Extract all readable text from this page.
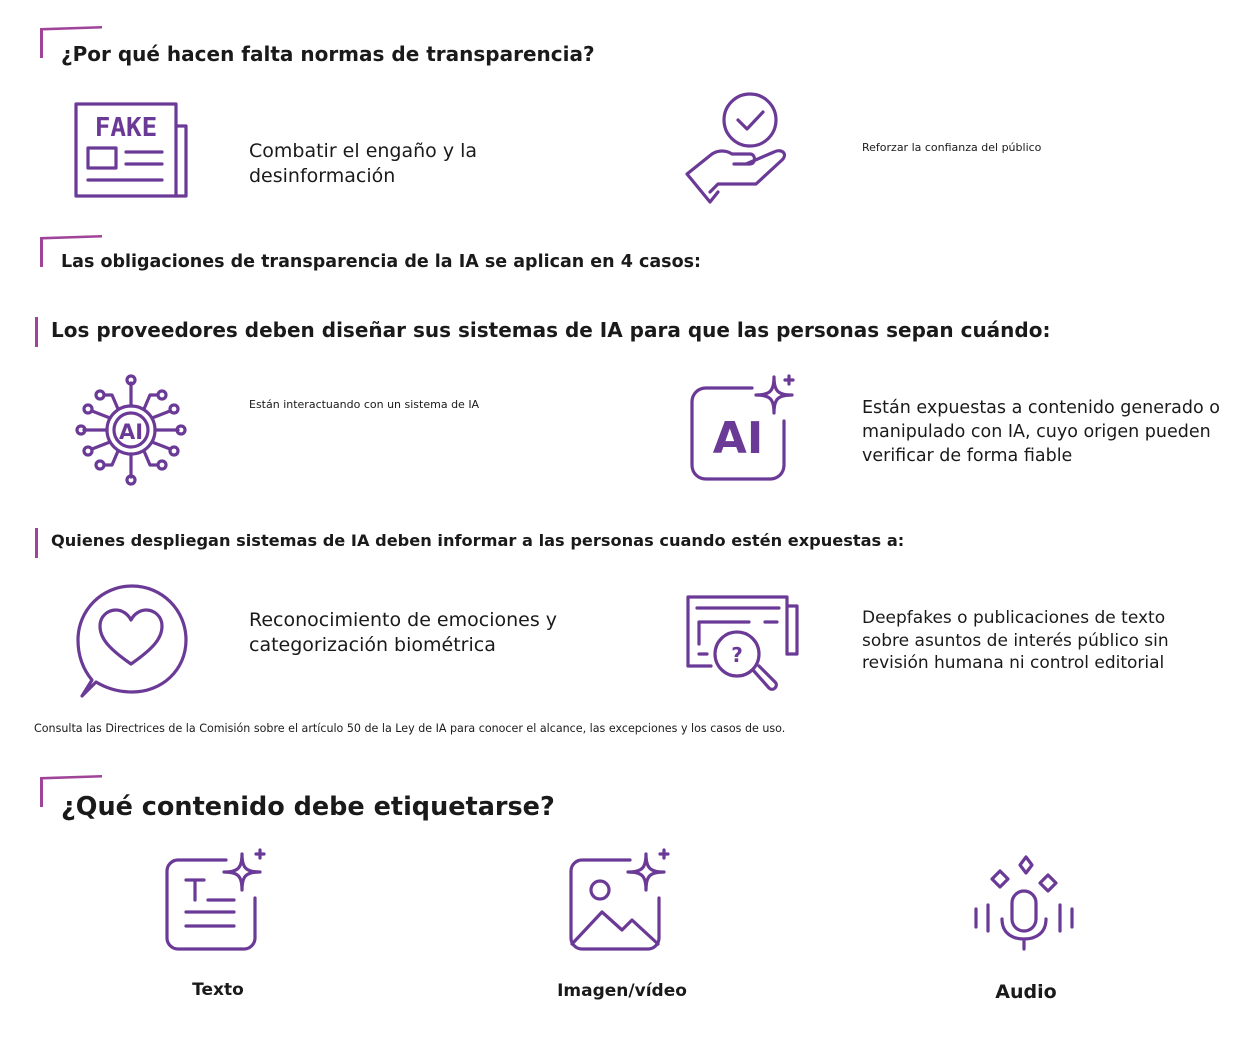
¿Por qué hacen falta normas de transparencia?
FAKE
Combatir el engaño y la desinformación
Reforzar la confianza del público
Las obligaciones de transparencia de la IA se aplican en 4 casos:
Los proveedores deben diseñar sus sistemas de IA para que las personas sepan cuándo:
AI
Están interactuando con un sistema de IA
AI
Están expuestas a contenido generado o manipulado con IA, cuyo origen pueden verificar de forma fiable
Quienes despliegan sistemas de IA deben informar a las personas cuando estén expuestas a:
Reconocimiento de emociones y categorización biométrica	?
Deepfakes o publicaciones de texto sobre asuntos de interés público sin revisión humana ni control editorial
Consulta las Directrices de la Comisión sobre el artículo 50 de la Ley de IA para conocer el alcance, las excepciones y los casos de uso.
¿Qué contenido debe etiquetarse?
Texto	Imagen/vídeo	Audio
